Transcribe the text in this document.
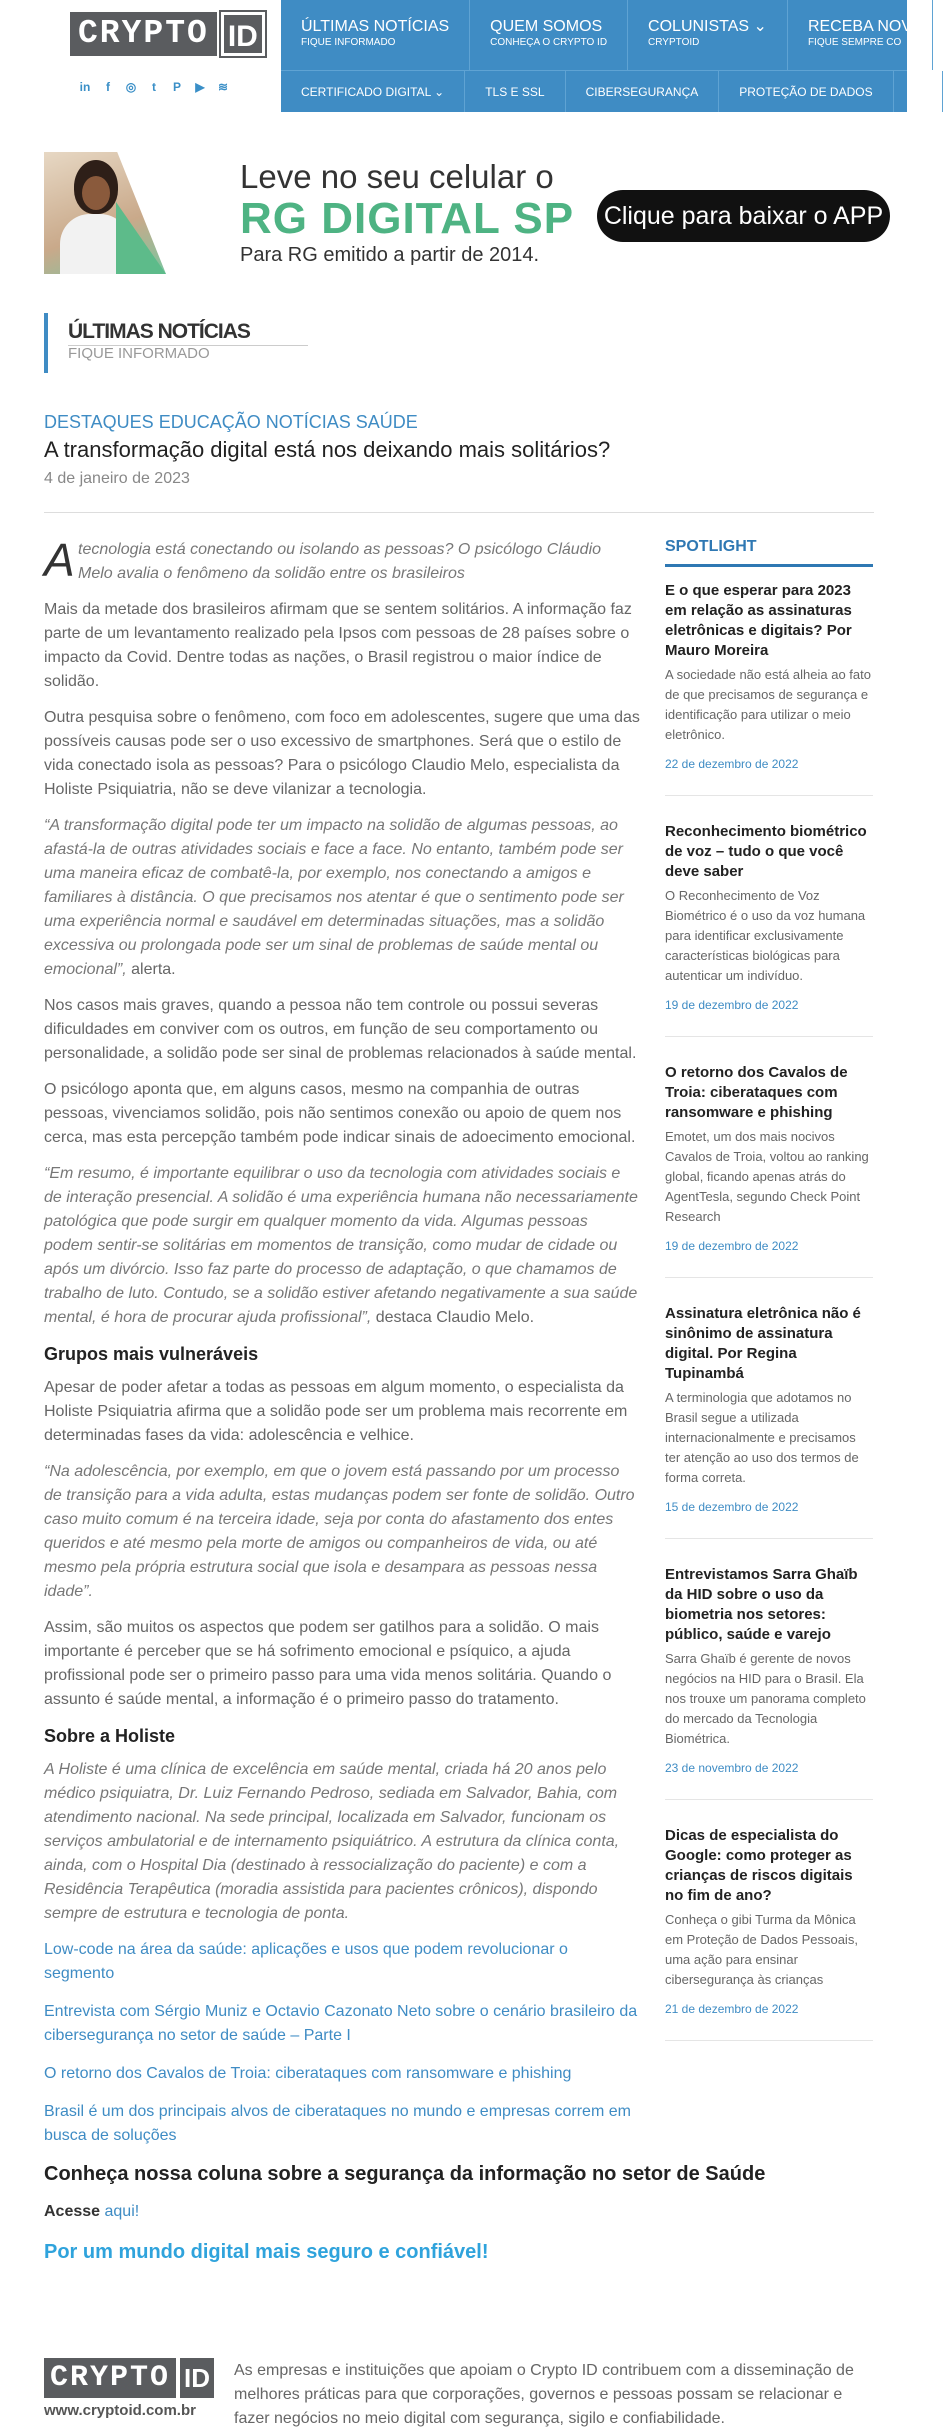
CRYPTO ID
in	f	◎	t	P ▶ ≋
ÚLTIMAS NOTÍCIAS
FIQUE INFORMADO
QUEM SOMOS
CONHEÇA O CRYPTO ID
COLUNISTAS ⌄
CRYPTOID
RECEBA NOV
FIQUE SEMPRE CO
CERTIFICADO DIGITAL ⌄	TLS E SSL	CIBERSEGURANÇA	PROTEÇÃO DE DADOS	E
Leve no seu celular o
RG DIGITAL SP
Para RG emitido a partir de 2014.
Clique para baixar o APP
ÚLTIMAS NOTÍCIAS
FIQUE INFORMADO
DESTAQUES EDUCAÇÃO NOTÍCIAS SAÚDE
A transformação digital está nos deixando mais solitários?
4 de janeiro de 2023

A tecnologia está conectando ou isolando as pessoas? O psicólogo Cláudio Melo avalia o fenômeno da solidão entre os brasileiros

Mais da metade dos brasileiros afirmam que se sentem solitários. A informação faz parte de um levantamento realizado pela Ipsos com pessoas de 28 países sobre o impacto da Covid. Dentre todas as nações, o Brasil registrou o maior índice de solidão.

Outra pesquisa sobre o fenômeno, com foco em adolescentes, sugere que uma das possíveis causas pode ser o uso excessivo de smartphones. Será que o estilo de vida conectado isola as pessoas? Para o psicólogo Claudio Melo, especialista da Holiste Psiquiatria, não se deve vilanizar a tecnologia.

“A transformação digital pode ter um impacto na solidão de algumas pessoas, ao afastá-la de outras atividades sociais e face a face. No entanto, também pode ser uma maneira eficaz de combatê-la, por exemplo, nos conectando a amigos e familiares à distância. O que precisamos nos atentar é que o sentimento pode ser uma experiência normal e saudável em determinadas situações, mas a solidão excessiva ou prolongada pode ser um sinal de problemas de saúde mental ou emocional”, alerta.

Nos casos mais graves, quando a pessoa não tem controle ou possui severas dificuldades em conviver com os outros, em função de seu comportamento ou personalidade, a solidão pode ser sinal de problemas relacionados à saúde mental.

O psicólogo aponta que, em alguns casos, mesmo na companhia de outras pessoas, vivenciamos solidão, pois não sentimos conexão ou apoio de quem nos cerca, mas esta percepção também pode indicar sinais de adoecimento emocional.

“Em resumo, é importante equilibrar o uso da tecnologia com atividades sociais e de interação presencial. A solidão é uma experiência humana não necessariamente patológica que pode surgir em qualquer momento da vida. Algumas pessoas podem sentir-se solitárias em momentos de transição, como mudar de cidade ou após um divórcio. Isso faz parte do processo de adaptação, o que chamamos de trabalho de luto. Contudo, se a solidão estiver afetando negativamente a sua saúde mental, é hora de procurar ajuda profissional”, destaca Claudio Melo.

Grupos mais vulneráveis

Apesar de poder afetar a todas as pessoas em algum momento, o especialista da Holiste Psiquiatria afirma que a solidão pode ser um problema mais recorrente em determinadas fases da vida: adolescência e velhice.

“Na adolescência, por exemplo, em que o jovem está passando por um processo de transição para a vida adulta, estas mudanças podem ser fonte de solidão. Outro caso muito comum é na terceira idade, seja por conta do afastamento dos entes queridos e até mesmo pela morte de amigos ou companheiros de vida, ou até mesmo pela própria estrutura social que isola e desampara as pessoas nessa idade”.

Assim, são muitos os aspectos que podem ser gatilhos para a solidão. O mais importante é perceber que se há sofrimento emocional e psíquico, a ajuda profissional pode ser o primeiro passo para uma vida menos solitária. Quando o assunto é saúde mental, a informação é o primeiro passo do tratamento.

Sobre a Holiste

A Holiste é uma clínica de excelência em saúde mental, criada há 20 anos pelo médico psiquiatra, Dr. Luiz Fernando Pedroso, sediada em Salvador, Bahia, com atendimento nacional. Na sede principal, localizada em Salvador, funcionam os serviços ambulatorial e de internamento psiquiátrico. A estrutura da clínica conta, ainda, com o Hospital Dia (destinado à ressocialização do paciente) e com a Residência Terapêutica (moradia assistida para pacientes crônicos), dispondo sempre de estrutura e tecnologia de ponta.

Low-code na área da saúde: aplicações e usos que podem revolucionar o segmento
Entrevista com Sérgio Muniz e Octavio Cazonato Neto sobre o cenário brasileiro da cibersegurança no setor de saúde – Parte I
O retorno dos Cavalos de Troia: ciberataques com ransomware e phishing
Brasil é um dos principais alvos de ciberataques no mundo e empresas correm em busca de soluções
Conheça nossa coluna sobre a segurança da informação no setor de Saúde
Acesse aqui!
Por um mundo digital mais seguro e confiável!
SPOTLIGHT
E o que esperar para 2023 em relação as assinaturas eletrônicas e digitais? Por Mauro Moreira
A sociedade não está alheia ao fato de que precisamos de segurança e identificação para utilizar o meio eletrônico.
22 de dezembro de 2022
Reconhecimento biométrico de voz – tudo o que você deve saber
O Reconhecimento de Voz Biométrico é o uso da voz humana para identificar exclusivamente características biológicas para autenticar um indivíduo.
19 de dezembro de 2022
O retorno dos Cavalos de Troia: ciberataques com ransomware e phishing
Emotet, um dos mais nocivos Cavalos de Troia, voltou ao ranking global, ficando apenas atrás do AgentTesla, segundo Check Point Research
19 de dezembro de 2022
Assinatura eletrônica não é sinônimo de assinatura digital. Por Regina Tupinambá
A terminologia que adotamos no Brasil segue a utilizada internacionalmente e precisamos ter atenção ao uso dos termos de forma correta.
15 de dezembro de 2022
Entrevistamos Sarra Ghaïb da HID sobre o uso da biometria nos setores: público, saúde e varejo
Sarra Ghaïb é gerente de novos negócios na HID para o Brasil. Ela nos trouxe um panorama completo do mercado da Tecnologia Biométrica.
23 de novembro de 2022
Dicas de especialista do Google: como proteger as crianças de riscos digitais no fim de ano?
Conheça o gibi Turma da Mônica em Proteção de Dados Pessoais, uma ação para ensinar cibersegurança às crianças
21 de dezembro de 2022
CRYPTO ID
www.cryptoid.com.br
As empresas e instituições que apoiam o Crypto ID contribuem com a disseminação de melhores práticas para que corporações, governos e pessoas possam se relacionar e fazer negócios no meio digital com segurança, sigilo e confiabilidade.
